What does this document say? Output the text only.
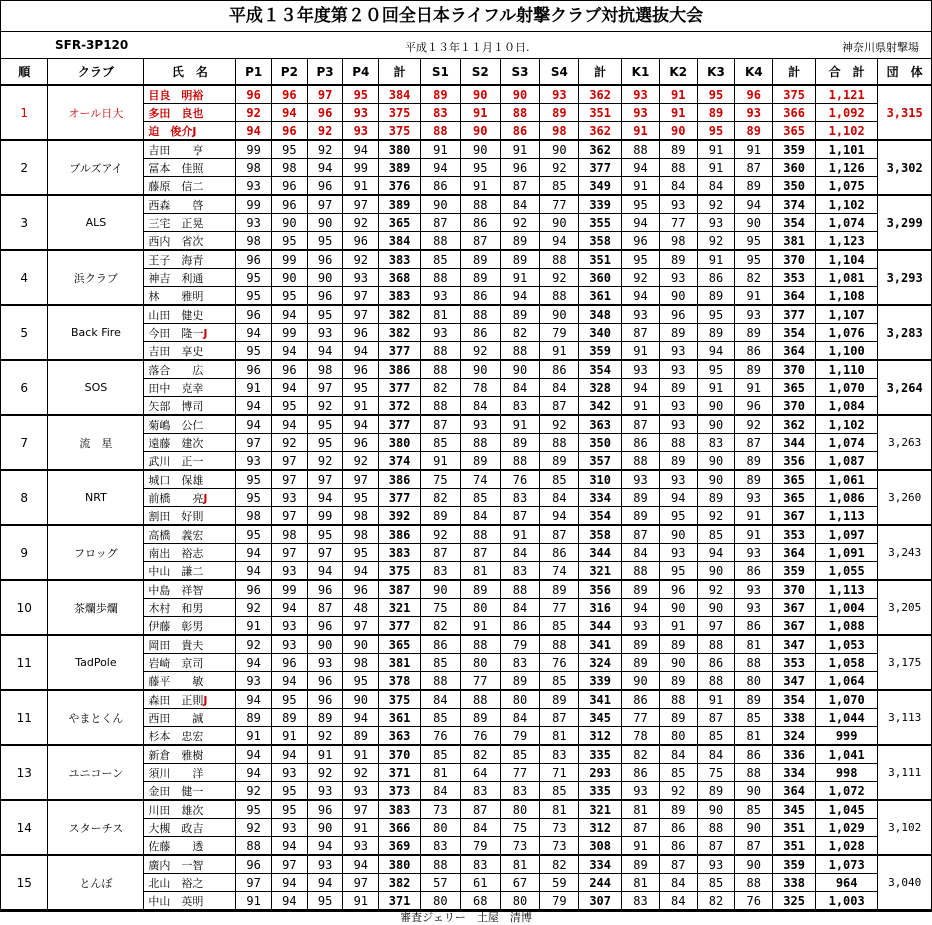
平成１３年度第２０回全日本ライフル射撃クラブ対抗選抜大会
SFR-3P120	平成１３年１１月１０日.	神奈川県射撃場
順	クラブ	氏　名	P1	P2	P3	P4	計	S1	S2	S3	S4	計	K1	K2	K3	K4	計	合　計	団　体
1	オール日大	目良　明裕	96	96	97	95	384	89	90	90	93	362	93	91	95	96	375	1,121	3,315
		多田　良也	92	94	96	93	375	83	91	88	89	351	93	91	89	93	366	1,092	
		迫　俊介J	94	96	92	93	375	88	90	86	98	362	91	90	95	89	365	1,102	
2	ブルズアイ	吉田　　亨	99	95	92	94	380	91	90	91	90	362	88	89	91	91	359	1,101	3,302
		冨本　佳照	98	98	94	99	389	94	95	96	92	377	94	88	91	87	360	1,126	
		藤原　信二	93	96	96	91	376	86	91	87	85	349	91	84	84	89	350	1,075	
3	ALS	西森　　啓	99	96	97	97	389	90	88	84	77	339	95	93	92	94	374	1,102	3,299
		三宅　正晃	93	90	90	92	365	87	86	92	90	355	94	77	93	90	354	1,074	
		西内　省次	98	95	95	96	384	88	87	89	94	358	96	98	92	95	381	1,123	
4	浜クラブ	王子　海青	96	99	96	92	383	85	89	89	88	351	95	89	91	95	370	1,104	3,293
		神吉　利通	95	90	90	93	368	88	89	91	92	360	92	93	86	82	353	1,081	
		林　　雅明	95	95	96	97	383	93	86	94	88	361	94	90	89	91	364	1,108	
5	Back Fire	山田　健史	96	94	95	97	382	81	88	89	90	348	93	96	95	93	377	1,107	3,283
		今田　隆一J	94	99	93	96	382	93	86	82	79	340	87	89	89	89	354	1,076	
		吉田　享史	95	94	94	94	377	88	92	88	91	359	91	93	94	86	364	1,100	
6	SOS	落合　　広	96	96	98	96	386	88	90	90	86	354	93	93	95	89	370	1,110	3,264
		田中　克幸	91	94	97	95	377	82	78	84	84	328	94	89	91	91	365	1,070	
		矢部　博司	94	95	92	91	372	88	84	83	87	342	91	93	90	96	370	1,084	
7	流　星	菊嶋　公仁	94	94	95	94	377	87	93	91	92	363	87	93	90	92	362	1,102	3,263
		遠藤　建次	97	92	95	96	380	85	88	89	88	350	86	88	83	87	344	1,074	
		武川　正一	93	97	92	92	374	91	89	88	89	357	88	89	90	89	356	1,087	
8	NRT	城口　保雄	95	97	97	97	386	75	74	76	85	310	93	93	90	89	365	1,061	3,260
		前橋　　亮J	95	93	94	95	377	82	85	83	84	334	89	94	89	93	365	1,086	
		割田　好則	98	97	99	98	392	89	84	87	94	354	89	95	92	91	367	1,113	
9	フロッグ	高橋　義宏	95	98	95	98	386	92	88	91	87	358	87	90	85	91	353	1,097	3,243
		南出　裕志	94	97	97	95	383	87	87	84	86	344	84	93	94	93	364	1,091	
		中山　謙二	94	93	94	94	375	83	81	83	74	321	88	95	90	86	359	1,055	
10	茶爛歩爛	中島　祥智	96	99	96	96	387	90	89	88	89	356	89	96	92	93	370	1,113	3,205
		木村　和男	92	94	87	48	321	75	80	84	77	316	94	90	90	93	367	1,004	
		伊藤　彰男	91	93	96	97	377	82	91	86	85	344	93	91	97	86	367	1,088	
11	TadPole	岡田　貴夫	92	93	90	90	365	86	88	79	88	341	89	89	88	81	347	1,053	3,175
		岩崎　京司	94	96	93	98	381	85	80	83	76	324	89	90	86	88	353	1,058	
		藤平　　敏	93	94	96	95	378	88	77	89	85	339	90	89	88	80	347	1,064	
11	やまとくん	森田　正則J	94	95	96	90	375	84	88	80	89	341	86	88	91	89	354	1,070	3,113
		西田　　誠	89	89	89	94	361	85	89	84	87	345	77	89	87	85	338	1,044	
		杉本　忠宏	91	91	92	89	363	76	76	79	81	312	78	80	85	81	324	999	
13	ユニコーン	新倉　雅樹	94	94	91	91	370	85	82	85	83	335	82	84	84	86	336	1,041	3,111
		須川　　洋	94	93	92	92	371	81	64	77	71	293	86	85	75	88	334	998	
		金田　健一	92	95	93	93	373	84	83	83	85	335	93	92	89	90	364	1,072	
14	スターチス	川田　雄次	95	95	96	97	383	73	87	80	81	321	81	89	90	85	345	1,045	3,102
		大槻　政吉	92	93	90	91	366	80	84	75	73	312	87	86	88	90	351	1,029	
		佐藤　　透	88	94	94	93	369	83	79	73	73	308	91	86	87	87	351	1,028	
15	とんぼ	廣内　一智	96	97	93	94	380	88	83	81	82	334	89	87	93	90	359	1,073	3,040
		北山　裕之	97	94	94	97	382	57	61	67	59	244	81	84	85	88	338	964	
		中山　英明	91	94	95	91	371	80	68	80	79	307	83	84	82	76	325	1,003	
審査ジェリー　土屋　清博
